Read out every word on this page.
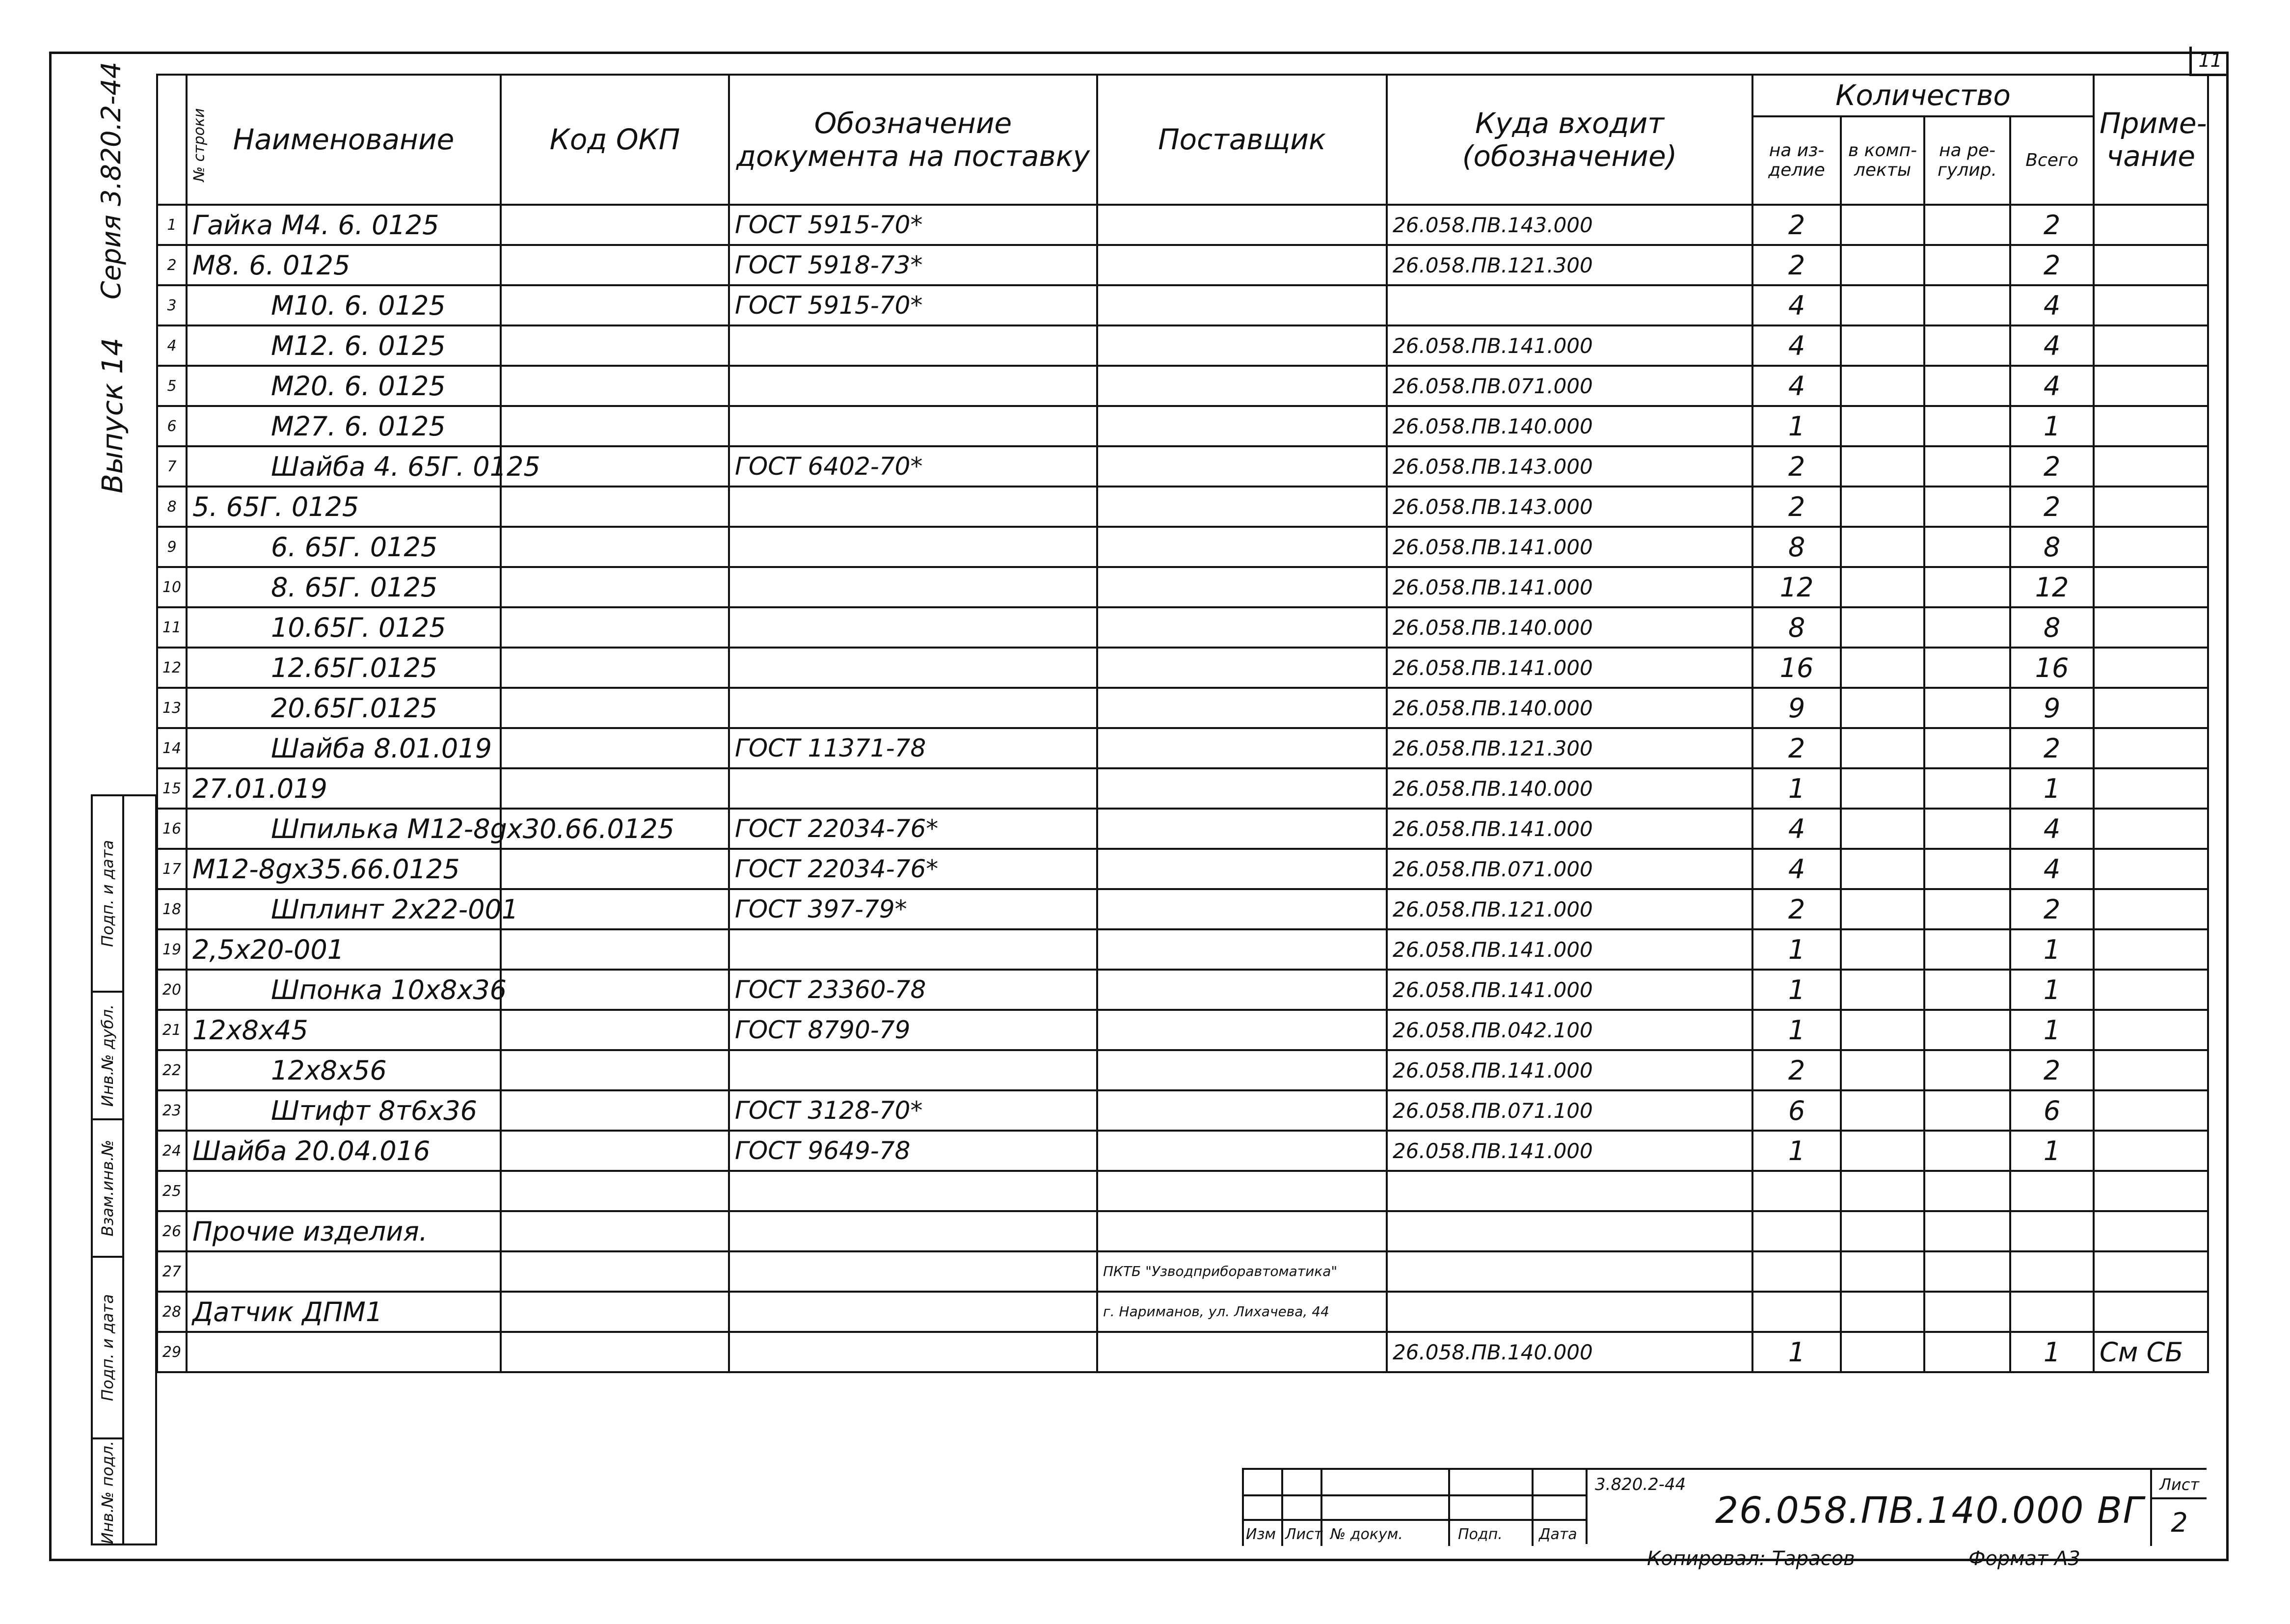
11
Выпуск 14
Серия 3.820.2-44
Подп. и дата
Инв.№ дубл.
Взам.инв.№
Подп. и дата
Инв.№ подл.
№ строки	Наименование	Код ОКП	Обозначение документа на поставку	Поставщик	Куда входит (обозначение)	Количество				Приме- чание
						на из- делие	в комп- лекты	на ре- гулир.	Всего	
1	Гайка М4. 6. 0125		ГОСТ 5915-70*		26.058.ПВ.143.000	2			2	
2	М8. 6. 0125		ГОСТ 5918-73*		26.058.ПВ.121.300	2			2	
3	М10. 6. 0125		ГОСТ 5915-70*			4			4	
4	М12. 6. 0125				26.058.ПВ.141.000	4			4	
5	М20. 6. 0125				26.058.ПВ.071.000	4			4	
6	М27. 6. 0125				26.058.ПВ.140.000	1			1	
7	Шайба 4. 65Г. 0125		ГОСТ 6402-70*		26.058.ПВ.143.000	2			2	
8	5. 65Г. 0125				26.058.ПВ.143.000	2			2	
9	6. 65Г. 0125				26.058.ПВ.141.000	8			8	
10	8. 65Г. 0125				26.058.ПВ.141.000	12			12	
11	10.65Г. 0125				26.058.ПВ.140.000	8			8	
12	12.65Г.0125				26.058.ПВ.141.000	16			16	
13	20.65Г.0125				26.058.ПВ.140.000	9			9	
14	Шайба 8.01.019		ГОСТ 11371-78		26.058.ПВ.121.300	2			2	
15	27.01.019				26.058.ПВ.140.000	1			1	
16	Шпилька М12-8gх30.66.0125		ГОСТ 22034-76*		26.058.ПВ.141.000	4			4	
17	М12-8gх35.66.0125		ГОСТ 22034-76*		26.058.ПВ.071.000	4			4	
18	Шплинт 2х22-001		ГОСТ 397-79*		26.058.ПВ.121.000	2			2	
19	2,5х20-001				26.058.ПВ.141.000	1			1	
20	Шпонка 10х8х36		ГОСТ 23360-78		26.058.ПВ.141.000	1			1	
21	12х8х45		ГОСТ 8790-79		26.058.ПВ.042.100	1			1	
22	12х8х56				26.058.ПВ.141.000	2			2	
23	Штифт 8т6х36		ГОСТ 3128-70*		26.058.ПВ.071.100	6			6	
24	Шайба 20.04.016		ГОСТ 9649-78		26.058.ПВ.141.000	1			1	
25										
26	Прочие изделия.									
27				ПКТБ "Узводприборавтоматика"						
28	Датчик ДПМ1			г. Нариманов, ул. Лихачева, 44						
29					26.058.ПВ.140.000	1			1	См СБ

Изм Лист № докум.	Подп. Дата
3.820.2-44
26.058.ПВ.140.000 ВГ
Лист
2
Копировал: Тарасов	Формат А3
